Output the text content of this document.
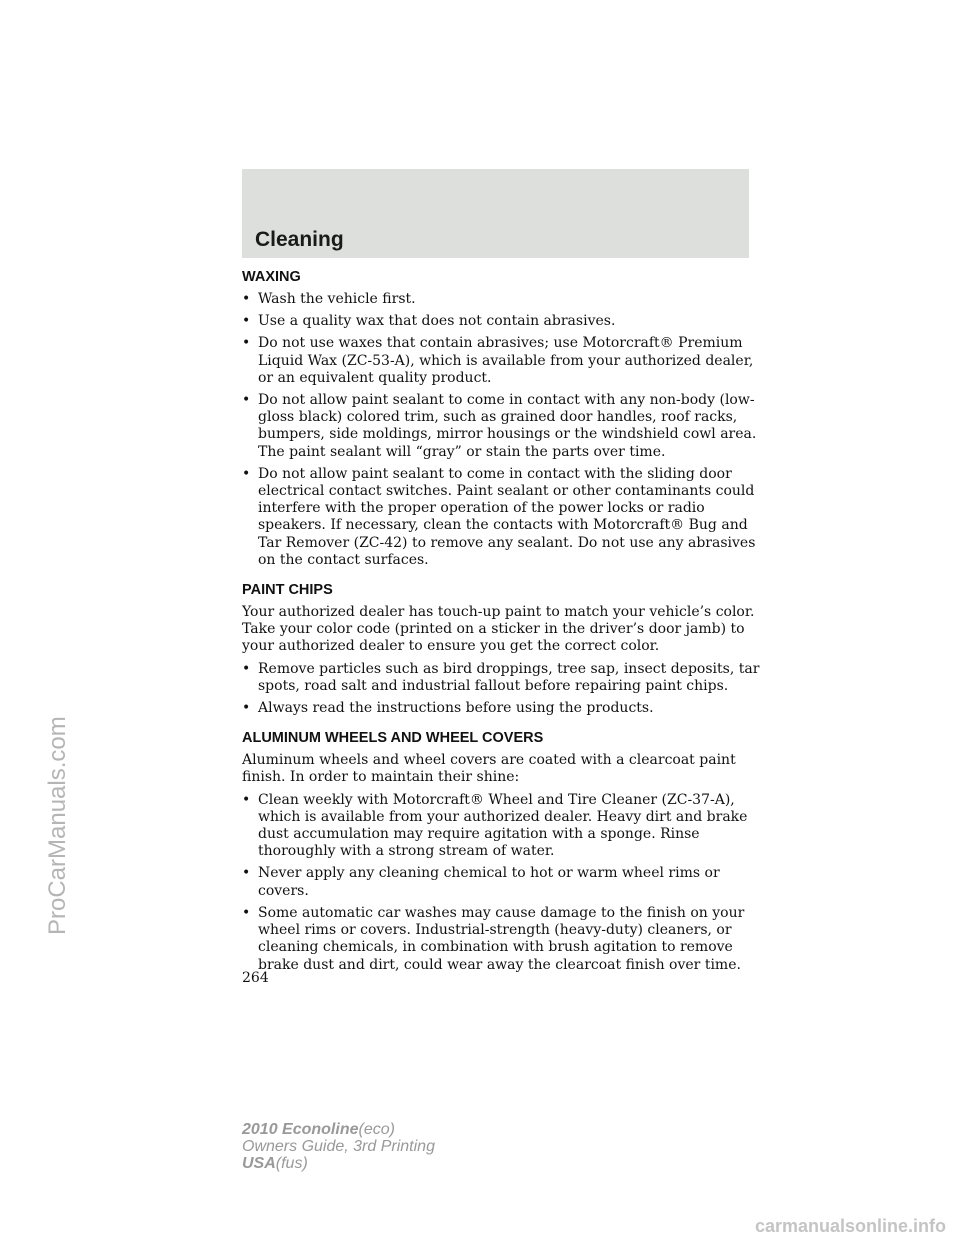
Cleaning
WAXING
• Wash the vehicle first.
• Use a quality wax that does not contain abrasives.
• Do not use waxes that contain abrasives; use Motorcraft® Premium Liquid Wax (ZC-53-A), which is available from your authorized dealer, or an equivalent quality product.
• Do not allow paint sealant to come in contact with any non-body (low-gloss black) colored trim, such as grained door handles, roof racks, bumpers, side moldings, mirror housings or the windshield cowl area. The paint sealant will “gray” or stain the parts over time.
• Do not allow paint sealant to come in contact with the sliding door electrical contact switches. Paint sealant or other contaminants could interfere with the proper operation of the power locks or radio speakers. If necessary, clean the contacts with Motorcraft® Bug and Tar Remover (ZC-42) to remove any sealant. Do not use any abrasives on the contact surfaces.
PAINT CHIPS
Your authorized dealer has touch-up paint to match your vehicle’s color. Take your color code (printed on a sticker in the driver’s door jamb) to your authorized dealer to ensure you get the correct color.
• Remove particles such as bird droppings, tree sap, insect deposits, tar spots, road salt and industrial fallout before repairing paint chips.
• Always read the instructions before using the products.
ALUMINUM WHEELS AND WHEEL COVERS
Aluminum wheels and wheel covers are coated with a clearcoat paint finish. In order to maintain their shine:
• Clean weekly with Motorcraft® Wheel and Tire Cleaner (ZC-37-A), which is available from your authorized dealer. Heavy dirt and brake dust accumulation may require agitation with a sponge. Rinse thoroughly with a strong stream of water.
• Never apply any cleaning chemical to hot or warm wheel rims or covers.
• Some automatic car washes may cause damage to the finish on your wheel rims or covers. Industrial-strength (heavy-duty) cleaners, or cleaning chemicals, in combination with brush agitation to remove brake dust and dirt, could wear away the clearcoat finish over time.
264
2010 Econoline(eco)
Owners Guide, 3rd Printing
USA(fus)
ProCarManuals.com
carmanualsonline.info
